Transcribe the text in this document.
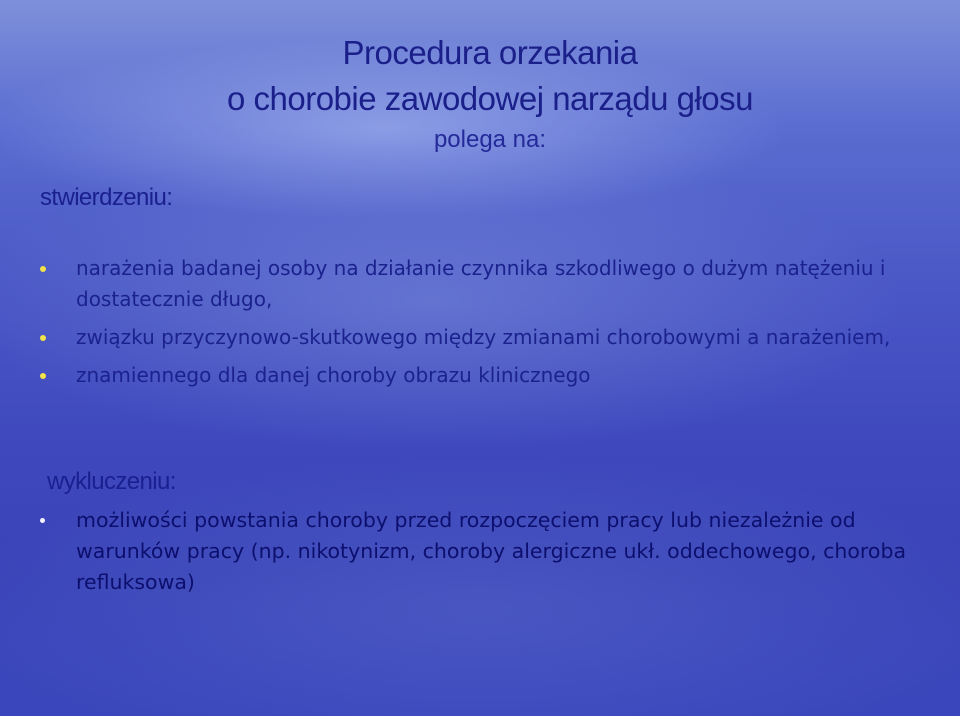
Procedura orzekania
o chorobie zawodowej narządu głosu
polega na:
stwierdzeniu:
narażenia badanej osoby na działanie czynnika szkodliwego o dużym natężeniu i dostatecznie długo,
związku przyczynowo-skutkowego między zmianami chorobowymi a narażeniem,
znamiennego dla danej choroby obrazu klinicznego
wykluczeniu:
możliwości powstania choroby przed rozpoczęciem pracy lub niezależnie od warunków pracy (np. nikotynizm, choroby alergiczne ukł. oddechowego, choroba refluksowa)
